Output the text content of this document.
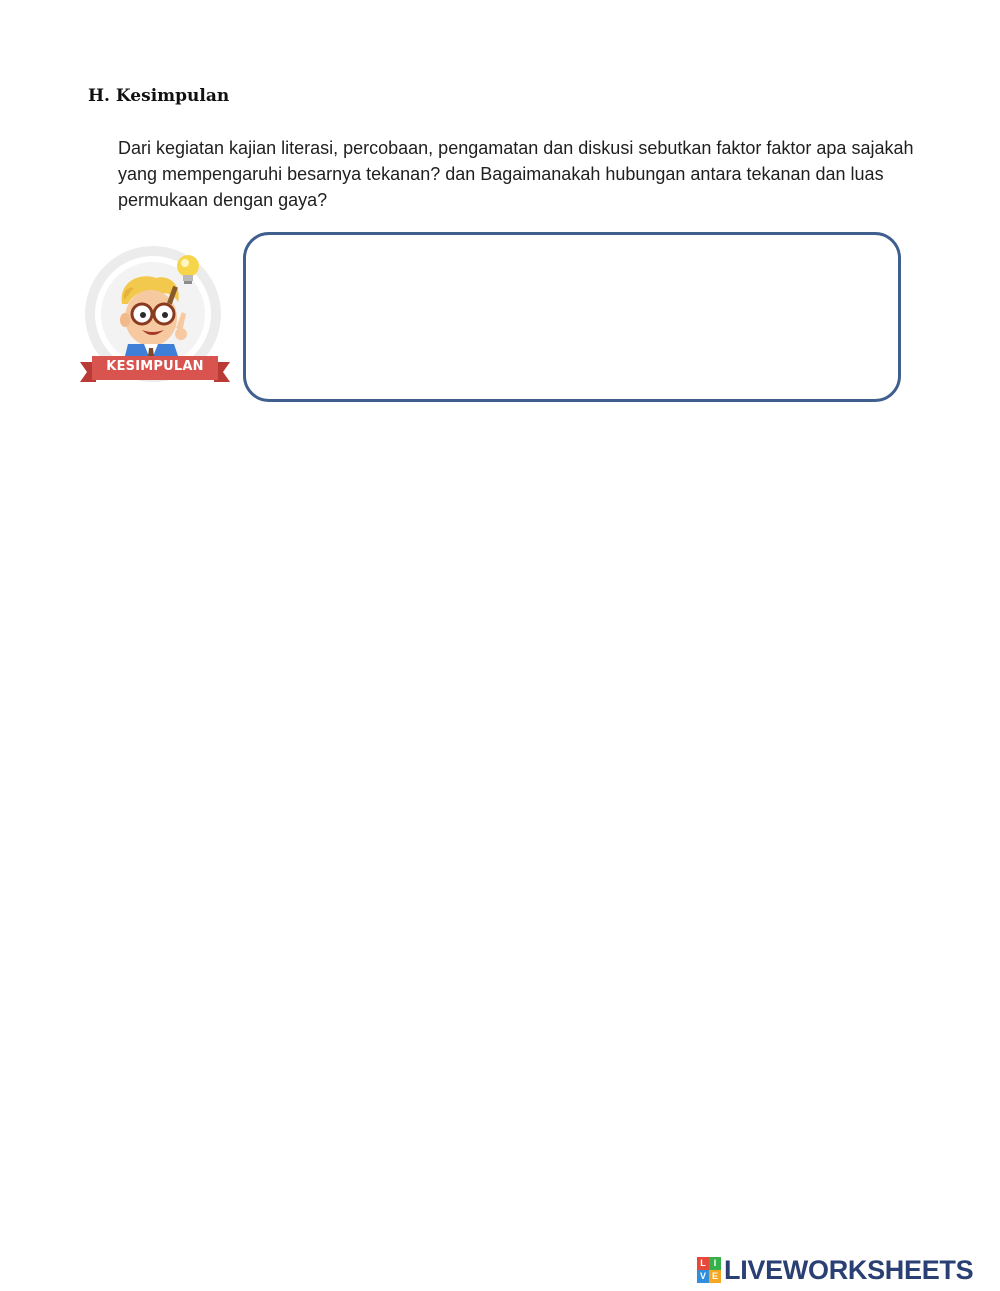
H. Kesimpulan

Dari kegiatan kajian literasi, percobaan, pengamatan dan diskusi sebutkan faktor faktor apa sajakah yang mempengaruhi besarnya tekanan? dan Bagaimanakah hubungan antara tekanan dan luas permukaan dengan gaya?

KESIMPULAN
L I
V E LIVEWORKSHEETS
